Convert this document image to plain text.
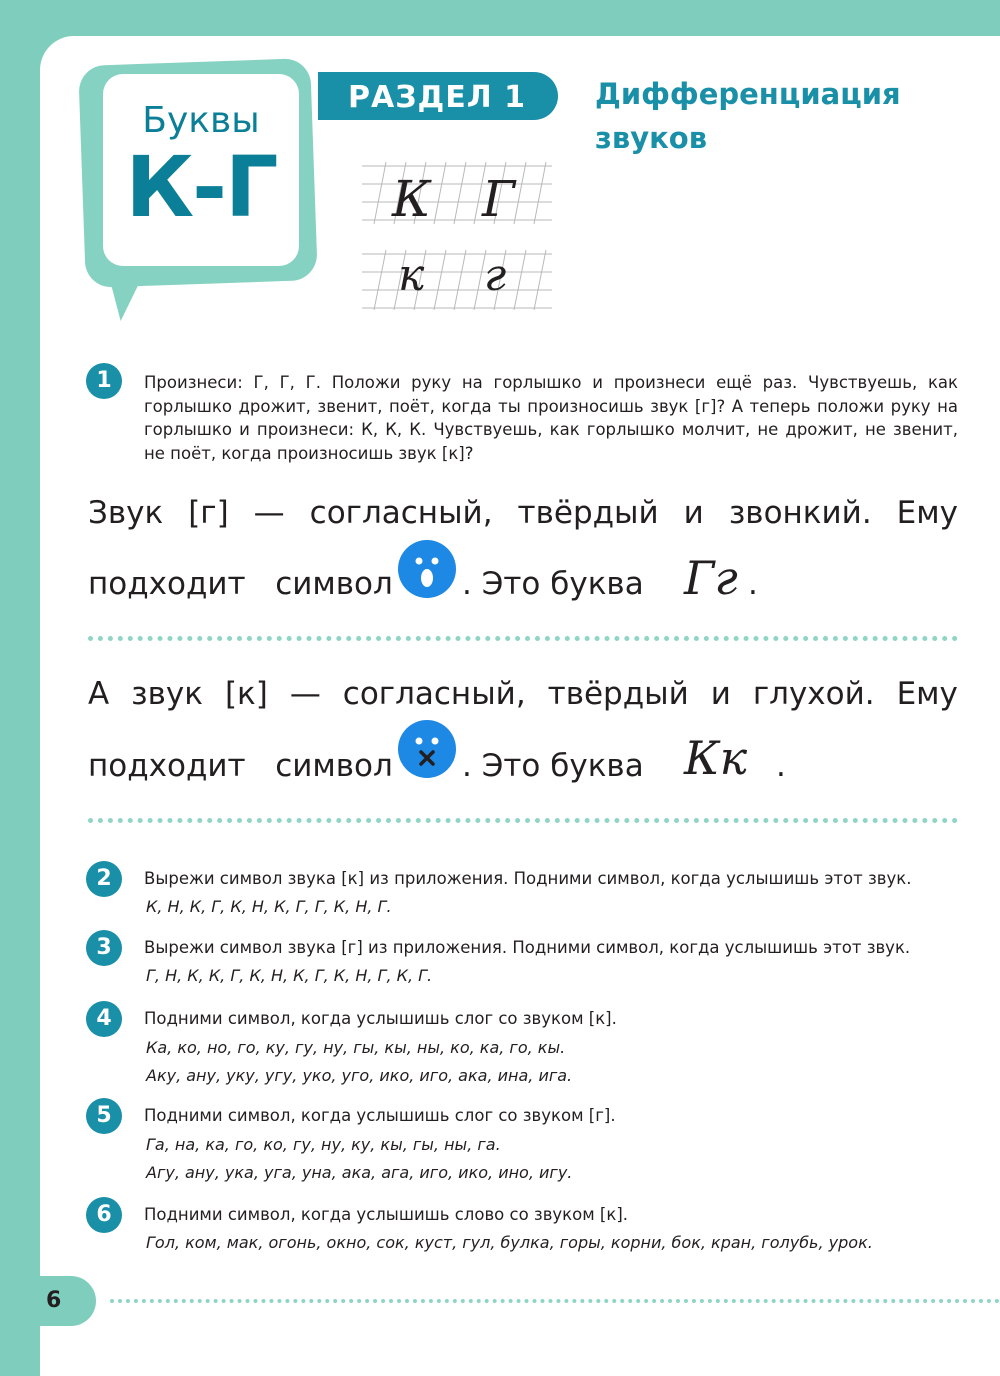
Буквы
К-Г
РАЗДЕЛ 1 Дифференциация
звуков
К Г
к г
1	Произнеси: Г, Г, Г. Положи руку на горлышко и произнеси ещё раз. Чувствуешь, как горлышко дрожит, звенит, поёт, когда ты произносишь звук [г]? А теперь положи руку на горлышко и произнеси: К, К, К. Чувствуешь, как горлышко молчит, не дрожит, не звенит, не поёт, когда произносишь звук [к]?
Звук [г] — согласный, твёрдый и звонкий. Ему
подходит символ	. Это буква Гг .
А звук [к] — согласный, твёрдый и глухой. Ему
подходит символ	. Это буква Кк .
2	Вырежи символ звука [к] из приложения. Подними символ, когда услышишь этот звук.
К, Н, К, Г, К, Н, К, Г, Г, К, Н, Г.
3	Вырежи символ звука [г] из приложения. Подними символ, когда услышишь этот звук.
Г, Н, К, К, Г, К, Н, К, Г, К, Н, Г, К, Г.
4	Подними символ, когда услышишь слог со звуком [к].
Ка, ко, но, го, ку, гу, ну, гы, кы, ны, ко, ка, го, кы.
Аку, ану, уку, угу, уко, уго, ико, иго, ака, ина, ига.
5	Подними символ, когда услышишь слог со звуком [г].
Га, на, ка, го, ко, гу, ну, ку, кы, гы, ны, га.
Агу, ану, ука, уга, уна, ака, ага, иго, ико, ино, игу.
6	Подними символ, когда услышишь слово со звуком [к].
Гол, ком, мак, огонь, окно, сок, куст, гул, булка, горы, корни, бок, кран, голубь, урок.
6
